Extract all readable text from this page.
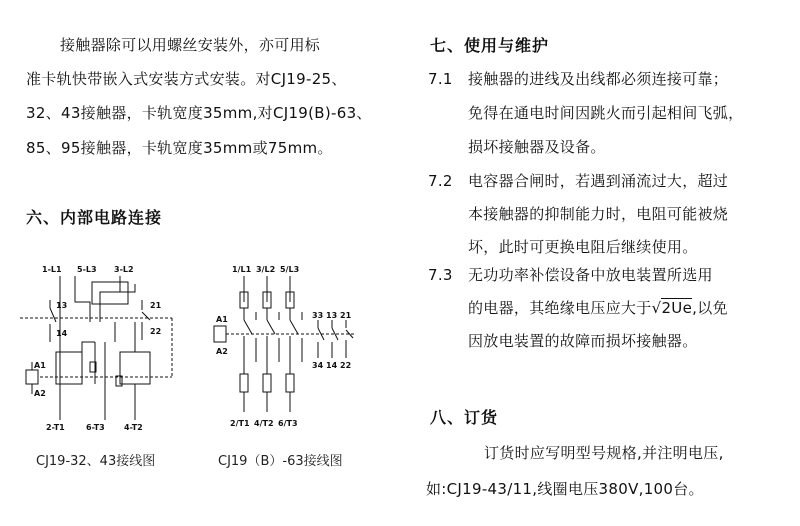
接触器除可以用螺丝安装外，亦可用标
准卡轨快带嵌入式安装方式安装。对CJ19-25、
32、43接触器，卡轨宽度35mm,对CJ19(B)-63、
85、95接触器，卡轨宽度35mm或75mm。
六、内部电路连接
1-L1 5-L3 3-L2
13
14
21
22
A1
A2
2-T1	6-T3 4-T2
CJ19-32、43接线图
1/L1 3/L2 5/L3
A1
A2
33 13 21
34 14 22
2/T1 4/T2 6/T3
CJ19（B）-63接线图
七、使用与维护
7.1 接触器的进线及出线都必须连接可靠；
免得在通电时间因跳火而引起相间飞弧，
损坏接触器及设备。
7.2 电容器合闸时，若遇到涌流过大，超过
本接触器的抑制能力时，电阻可能被烧
坏，此时可更换电阻后继续使用。
7.3 无功功率补偿设备中放电装置所选用
的电器，其绝缘电压应大于√2Ue,以免
因放电装置的故障而损坏接触器。
八、订货
订货时应写明型号规格,并注明电压,
如:CJ19-43/11,线圈电压380V,100台。
